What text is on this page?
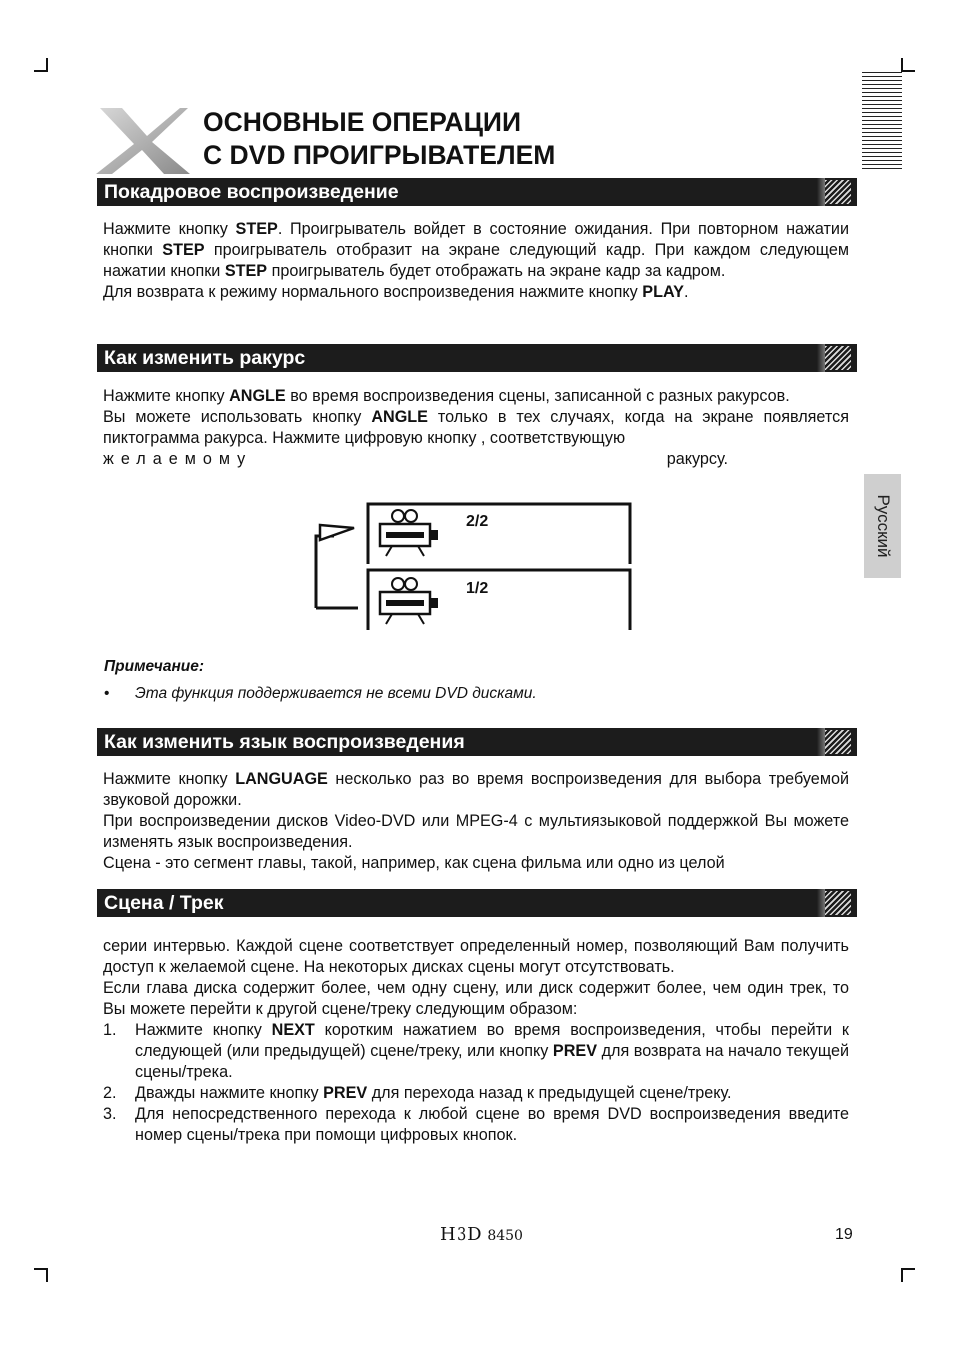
ОСНОВНЫЕ ОПЕРАЦИИ
С DVD ПРОИГРЫВАТЕЛЕМ
Русский
Покадровое воспроизведение

Нажмите кнопку STEP. Проигрыватель войдет в состояние ожидания. При повторном нажатии кнопки STEP проигрыватель отобразит на экране следующий кадр. При каждом следующем нажатии кнопки STEP проигрыватель будет отображать на экране кадр за кадром.

Для возврата к режиму нормального воспроизведения нажмите кнопку PLAY.

Как изменить ракурс

Нажмите кнопку ANGLE во время воспроизведения сцены, записанной с разных ракурсов.

Вы можете использовать кнопку ANGLE только в тех случаях, когда на экране появляется пиктограмма ракурса. Нажмите цифровую кнопку , соответствующую

желаемому	ракурсу.

2/2
1/2
Примечание:
• Эта функция поддерживается не всеми DVD дисками.
Как изменить язык воспроизведения

Нажмите кнопку LANGUAGE несколько раз во время воспроизведения для выбора требуемой звуковой дорожки.

При воспроизведении дисков Video-DVD или MPEG-4 с мультиязыковой поддержкой Вы можете изменять язык воспроизведения.

Сцена - это сегмент главы, такой, например, как сцена фильма или одно из целой

Сцена / Трек

серии интервью. Каждой сцене соответствует определенный номер, позволяющий Вам получить доступ к желаемой сцене. На некоторых дисках сцены могут отсутствовать.

Если глава диска содержит более, чем одну сцену, или диск содержит более, чем один трек, то Вы можете перейти к другой сцене/треку следующим образом:

1. Нажмите кнопку NEXT коротким нажатием во время воспроизведения, чтобы перейти к следующей (или предыдущей) сцене/треку, или кнопку PREV для возврата на начало текущей сцены/трека.
2. Дважды нажмите кнопку PREV для перехода назад к предыдущей сцене/треку.
3. Для непосредственного перехода к любой сцене во время DVD воспроизведения введите номер сцены/трека при помощи цифровых кнопок.
H3D 8450	19
